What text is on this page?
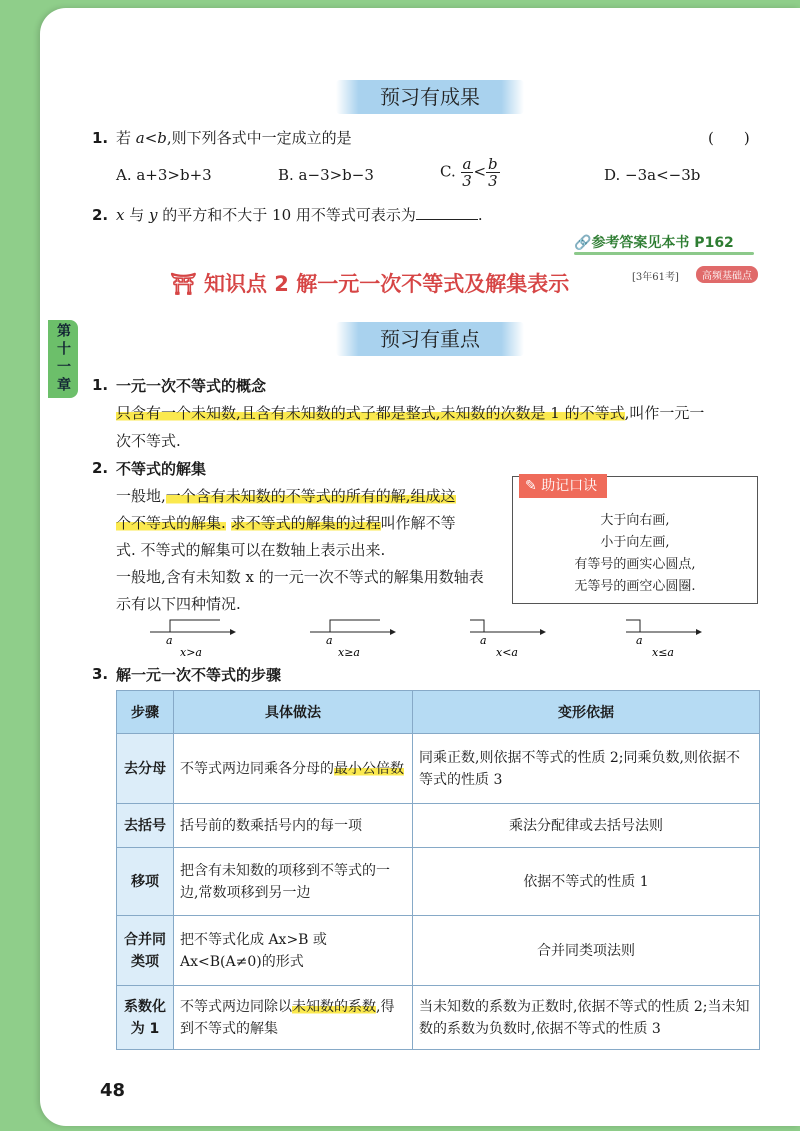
预习有成果
1. 若 a<b,则下列各式中一定成立的是	(　　)
A. a+3>b+3	B. a−3>b−3	C. $\frac{a}{3} < \frac{b}{3}$	D. −3a<−3b
2. x 与 y 的平方和不大于 10 用不等式可表示为	.
🔗参考答案见本书 P162
⛩ 知识点 2 解一元一次不等式及解集表示	[3年61考]	高频基础点
第十一章	预习有重点
1. 一元一次不等式的概念
只含有一个未知数,且含有未知数的式子都是整式,未知数的次数是 1 的不等式,叫作一元一
次不等式.
2. 不等式的解集
一般地,一个含有未知数的不等式的所有的解,组成这
个不等式的解集. 求不等式的解集的过程叫作解不等
式. 不等式的解集可以在数轴上表示出来.
一般地,含有未知数 x 的一元一次不等式的解集用数轴表
示有以下四种情况.
✎ 助记口诀
大于向右画,
小于向左画,
有等号的画实心圆点,
无等号的画空心圆圈.
a
x>a
a
x≥a
a
x<a
a
x≤a
3. 解一元一次不等式的步骤
步骤	具体做法	变形依据
去分母	不等式两边同乘各分母的最小公倍数	同乘正数,则依据不等式的性质 2;同乘负数,则依据不等式的性质 3
去括号	括号前的数乘括号内的每一项	乘法分配律或去括号法则
移项	把含有未知数的项移到不等式的一边,常数项移到另一边	依据不等式的性质 1
合并同类项	把不等式化成 Ax>B 或 Ax<B(A≠0)的形式	合并同类项法则
系数化为 1	不等式两边同除以未知数的系数,得到不等式的解集	当未知数的系数为正数时,依据不等式的性质 2;当未知数的系数为负数时,依据不等式的性质 3
48
